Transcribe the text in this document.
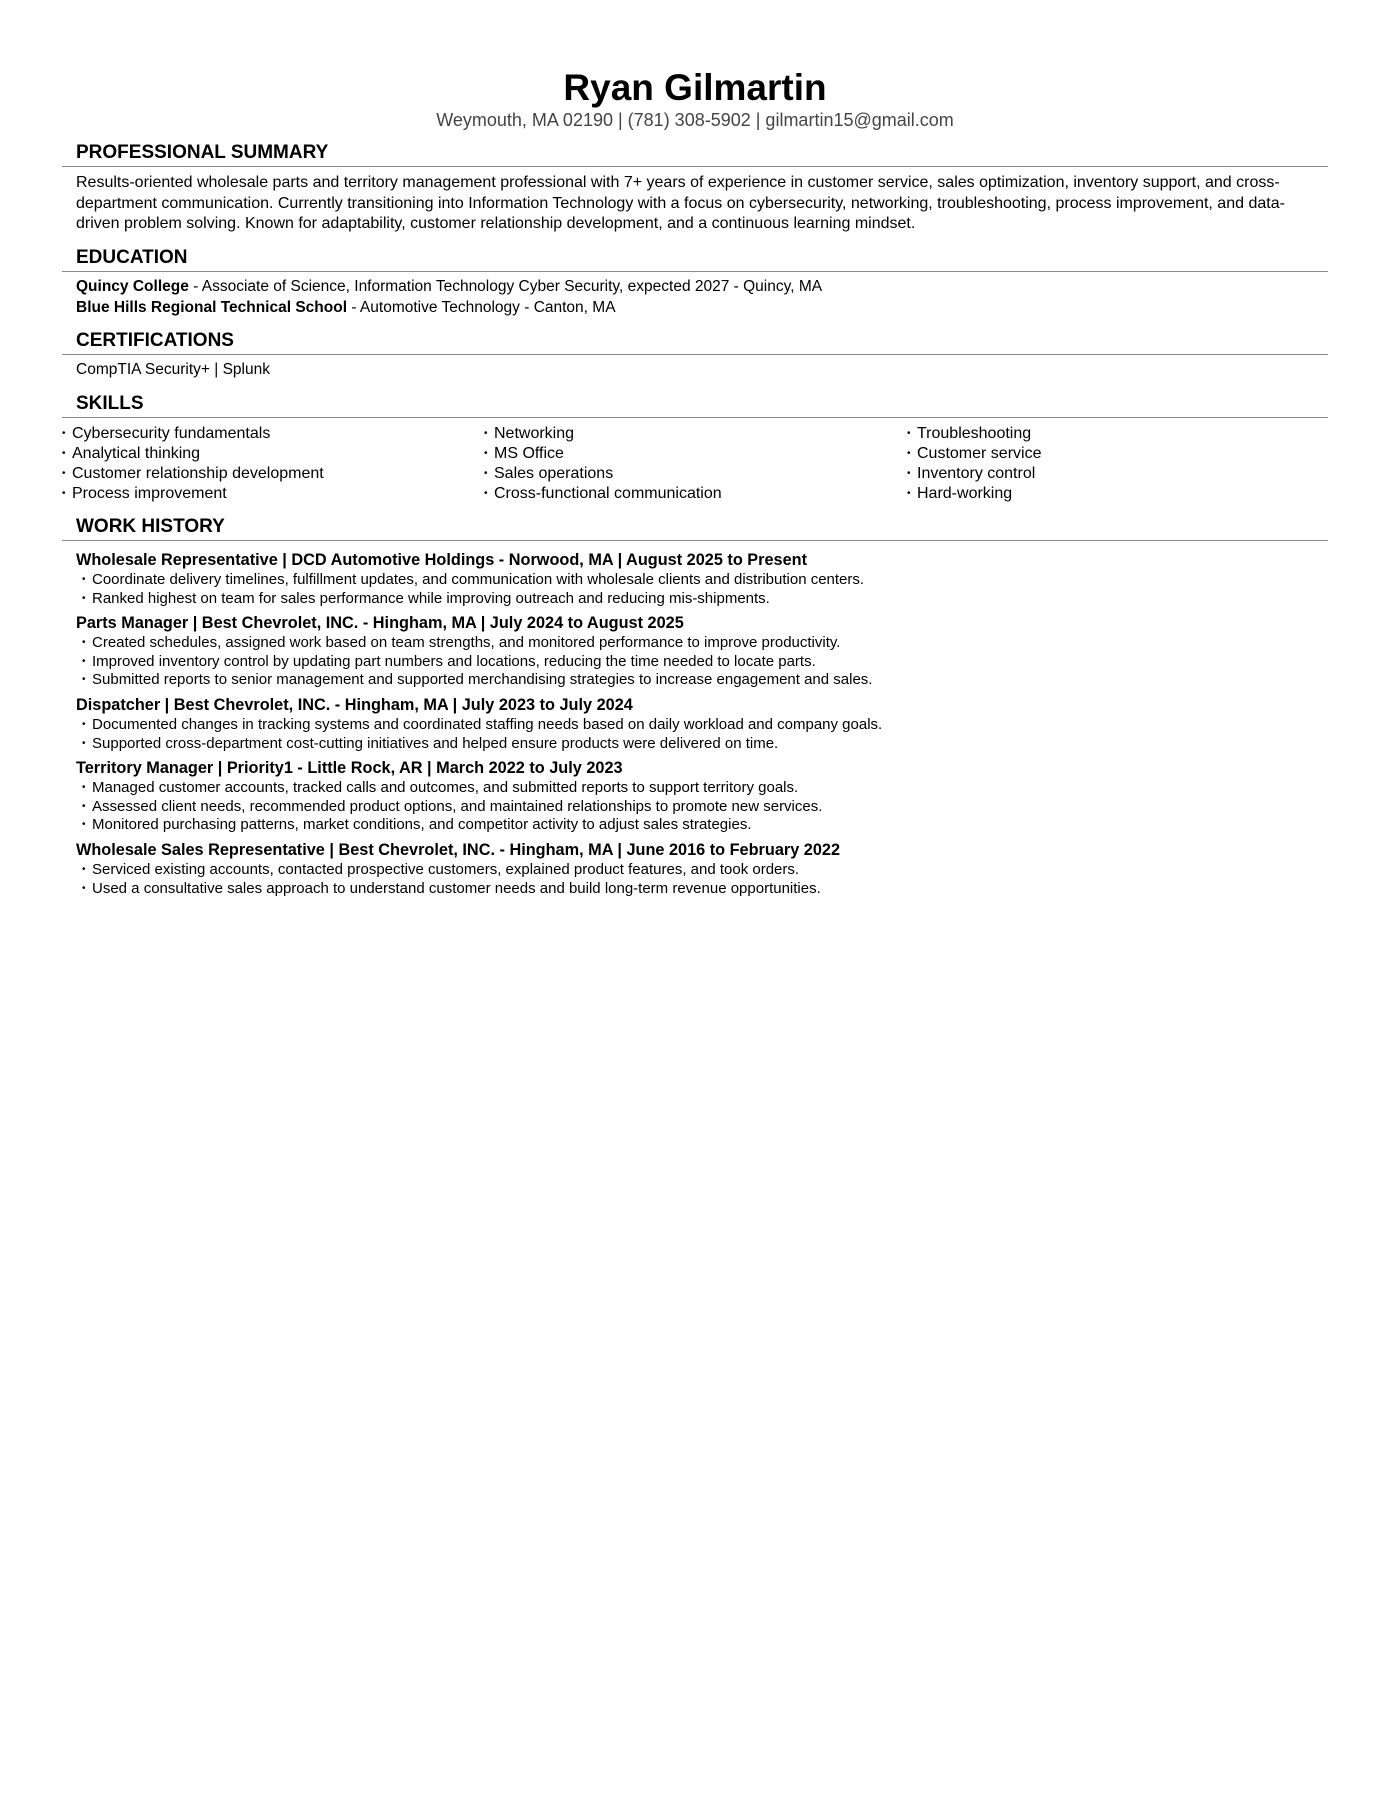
Ryan Gilmartin
Weymouth, MA 02190 | (781) 308-5902 | gilmartin15@gmail.com
PROFESSIONAL SUMMARY
Results-oriented wholesale parts and territory management professional with 7+ years of experience in customer service, sales optimization, inventory support, and cross-department communication. Currently transitioning into Information Technology with a focus on cybersecurity, networking, troubleshooting, process improvement, and data-driven problem solving. Known for adaptability, customer relationship development, and a continuous learning mindset.
EDUCATION
Quincy College - Associate of Science, Information Technology Cyber Security, expected 2027 - Quincy, MA
Blue Hills Regional Technical School - Automotive Technology - Canton, MA
CERTIFICATIONS
CompTIA Security+ | Splunk
SKILLS
• Cybersecurity fundamentals	• Networking	• Troubleshooting
• Analytical thinking	• MS Office	• Customer service
• Customer relationship development	• Sales operations	• Inventory control
• Process improvement	• Cross-functional communication	• Hard-working
WORK HISTORY
Wholesale Representative | DCD Automotive Holdings - Norwood, MA | August 2025 to Present
• Coordinate delivery timelines, fulfillment updates, and communication with wholesale clients and distribution centers.
• Ranked highest on team for sales performance while improving outreach and reducing mis-shipments.
Parts Manager | Best Chevrolet, INC. - Hingham, MA | July 2024 to August 2025
• Created schedules, assigned work based on team strengths, and monitored performance to improve productivity.
• Improved inventory control by updating part numbers and locations, reducing the time needed to locate parts.
• Submitted reports to senior management and supported merchandising strategies to increase engagement and sales.
Dispatcher | Best Chevrolet, INC. - Hingham, MA | July 2023 to July 2024
• Documented changes in tracking systems and coordinated staffing needs based on daily workload and company goals.
• Supported cross-department cost-cutting initiatives and helped ensure products were delivered on time.
Territory Manager | Priority1 - Little Rock, AR | March 2022 to July 2023
• Managed customer accounts, tracked calls and outcomes, and submitted reports to support territory goals.
• Assessed client needs, recommended product options, and maintained relationships to promote new services.
• Monitored purchasing patterns, market conditions, and competitor activity to adjust sales strategies.
Wholesale Sales Representative | Best Chevrolet, INC. - Hingham, MA | June 2016 to February 2022
• Serviced existing accounts, contacted prospective customers, explained product features, and took orders.
• Used a consultative sales approach to understand customer needs and build long-term revenue opportunities.
